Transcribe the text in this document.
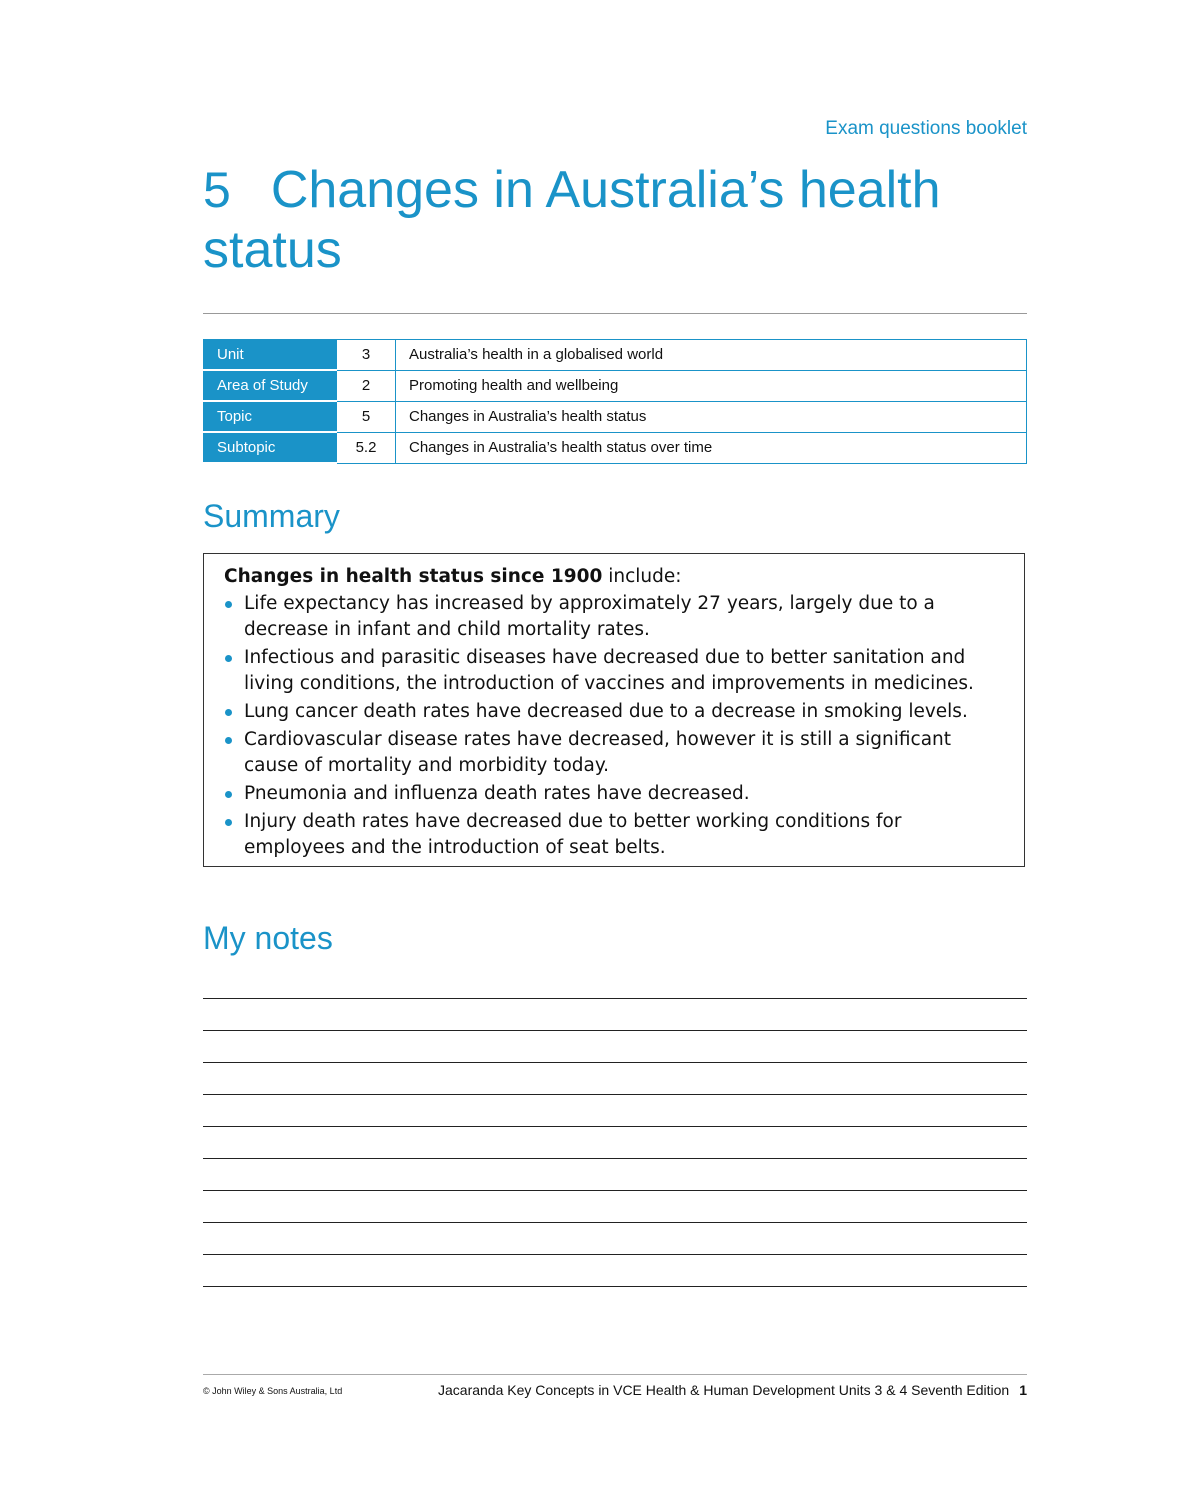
Exam questions booklet
5 Changes in Australia’s health status
Unit	3	Australia’s health in a globalised world
Area of Study	2	Promoting health and wellbeing
Topic	5	Changes in Australia’s health status
Subtopic	5.2	Changes in Australia’s health status over time
Summary

Changes in health status since 1900 include:

Life expectancy has increased by approximately 27 years, largely due to a decrease in infant and child mortality rates.
Infectious and parasitic diseases have decreased due to better sanitation and living conditions, the introduction of vaccines and improvements in medicines.
Lung cancer death rates have decreased due to a decrease in smoking levels.
Cardiovascular disease rates have decreased, however it is still a significant cause of mortality and morbidity today.
Pneumonia and influenza death rates have decreased.
Injury death rates have decreased due to better working conditions for employees and the introduction of seat belts.
My notes
© John Wiley & Sons Australia, Ltd	Jacaranda Key Concepts in VCE Health & Human Development Units 3 & 4 Seventh Edition 1
